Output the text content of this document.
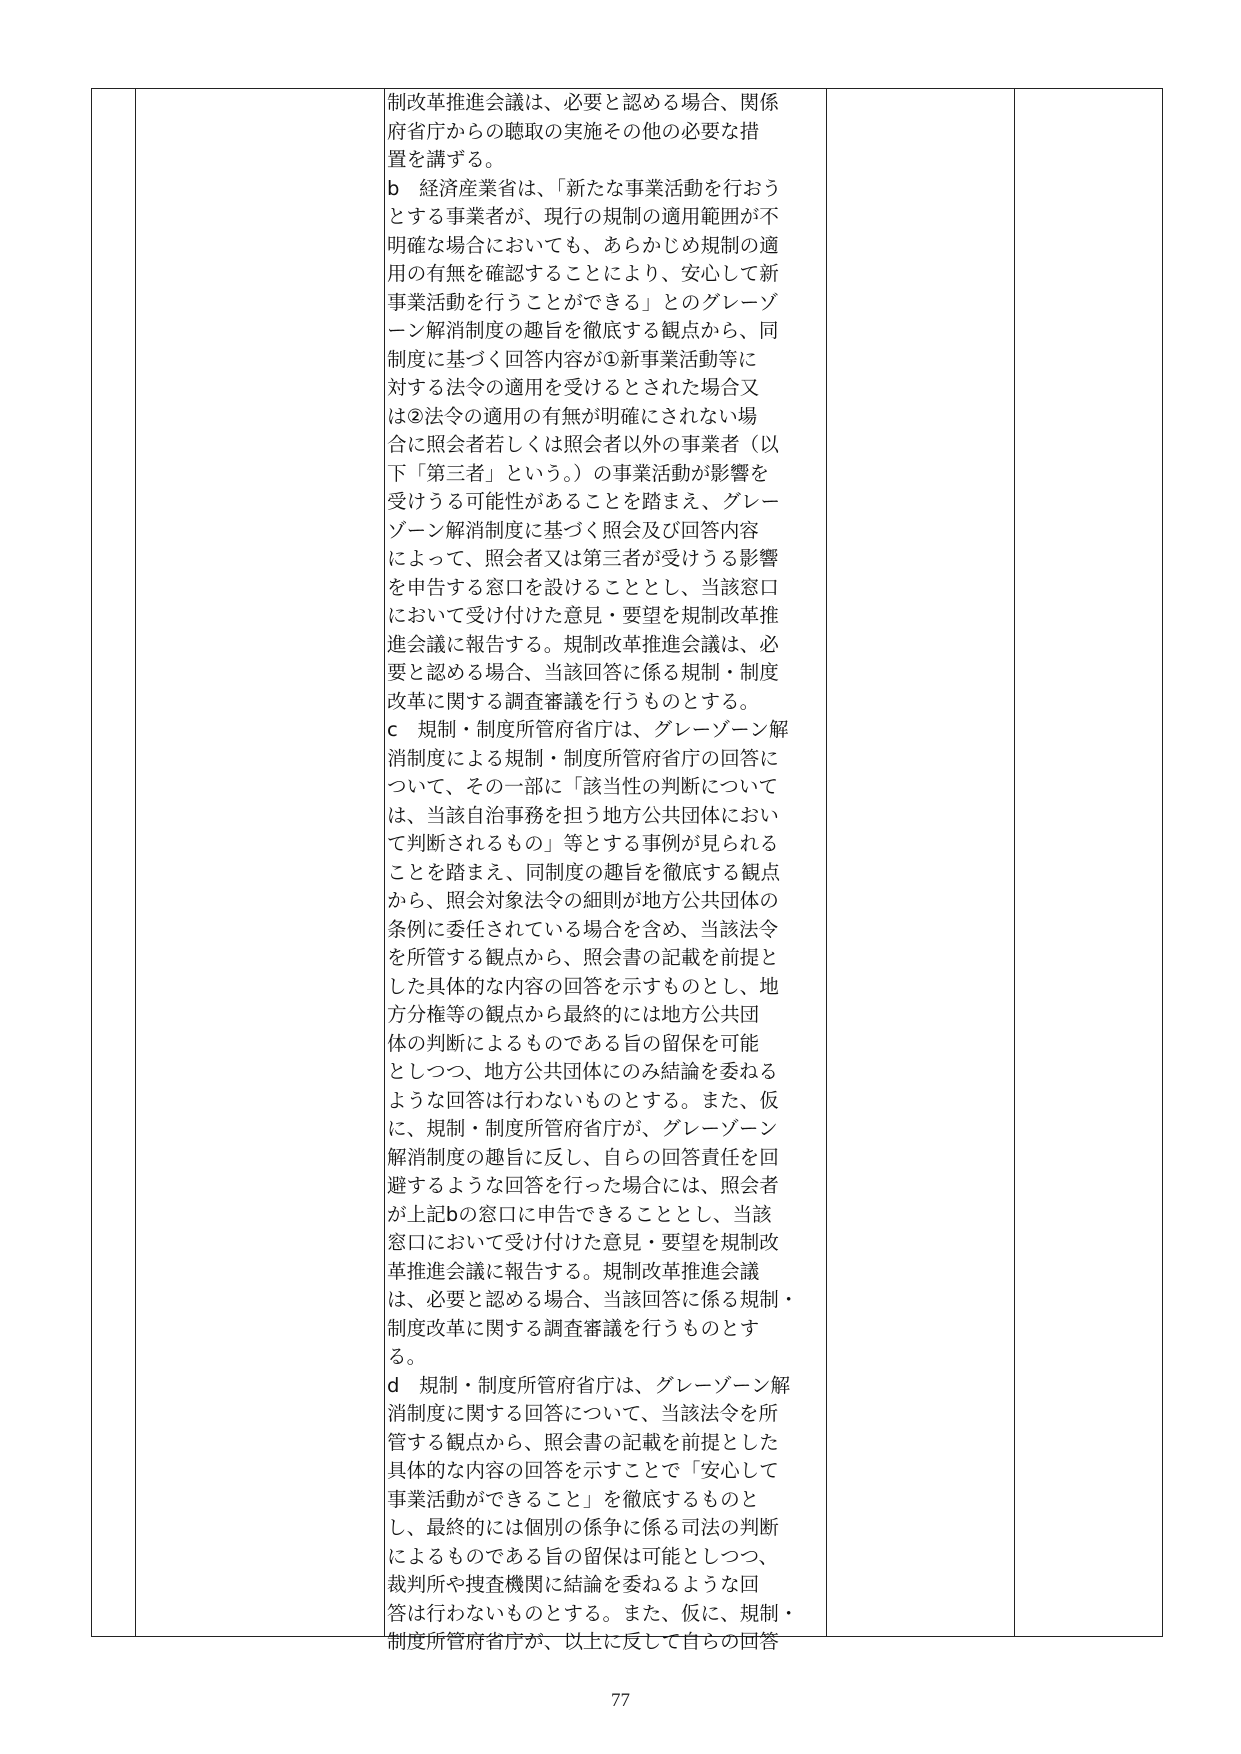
制改革推進会議は、必要と認める場合、関係
府省庁からの聴取の実施その他の必要な措
置を講ずる。
b　経済産業省は、「新たな事業活動を行おう
とする事業者が、現行の規制の適用範囲が不
明確な場合においても、あらかじめ規制の適
用の有無を確認することにより、安心して新
事業活動を行うことができる」とのグレーゾ
ーン解消制度の趣旨を徹底する観点から、同
制度に基づく回答内容が①新事業活動等に
対する法令の適用を受けるとされた場合又
は②法令の適用の有無が明確にされない場
合に照会者若しくは照会者以外の事業者（以
下「第三者」という。）の事業活動が影響を
受けうる可能性があることを踏まえ、グレー
ゾーン解消制度に基づく照会及び回答内容
によって、照会者又は第三者が受けうる影響
を申告する窓口を設けることとし、当該窓口
において受け付けた意見・要望を規制改革推
進会議に報告する。規制改革推進会議は、必
要と認める場合、当該回答に係る規制・制度
改革に関する調査審議を行うものとする。
c　規制・制度所管府省庁は、グレーゾーン解
消制度による規制・制度所管府省庁の回答に
ついて、その一部に「該当性の判断について
は、当該自治事務を担う地方公共団体におい
て判断されるもの」等とする事例が見られる
ことを踏まえ、同制度の趣旨を徹底する観点
から、照会対象法令の細則が地方公共団体の
条例に委任されている場合を含め、当該法令
を所管する観点から、照会書の記載を前提と
した具体的な内容の回答を示すものとし、地
方分権等の観点から最終的には地方公共団
体の判断によるものである旨の留保を可能
としつつ、地方公共団体にのみ結論を委ねる
ような回答は行わないものとする。また、仮
に、規制・制度所管府省庁が、グレーゾーン
解消制度の趣旨に反し、自らの回答責任を回
避するような回答を行った場合には、照会者
が上記bの窓口に申告できることとし、当該
窓口において受け付けた意見・要望を規制改
革推進会議に報告する。規制改革推進会議
は、必要と認める場合、当該回答に係る規制・
制度改革に関する調査審議を行うものとす
る。
d　規制・制度所管府省庁は、グレーゾーン解
消制度に関する回答について、当該法令を所
管する観点から、照会書の記載を前提とした
具体的な内容の回答を示すことで「安心して
事業活動ができること」を徹底するものと
し、最終的には個別の係争に係る司法の判断
によるものである旨の留保は可能としつつ、
裁判所や捜査機関に結論を委ねるような回
答は行わないものとする。また、仮に、規制・
制度所管府省庁が、以上に反して自らの回答
77
